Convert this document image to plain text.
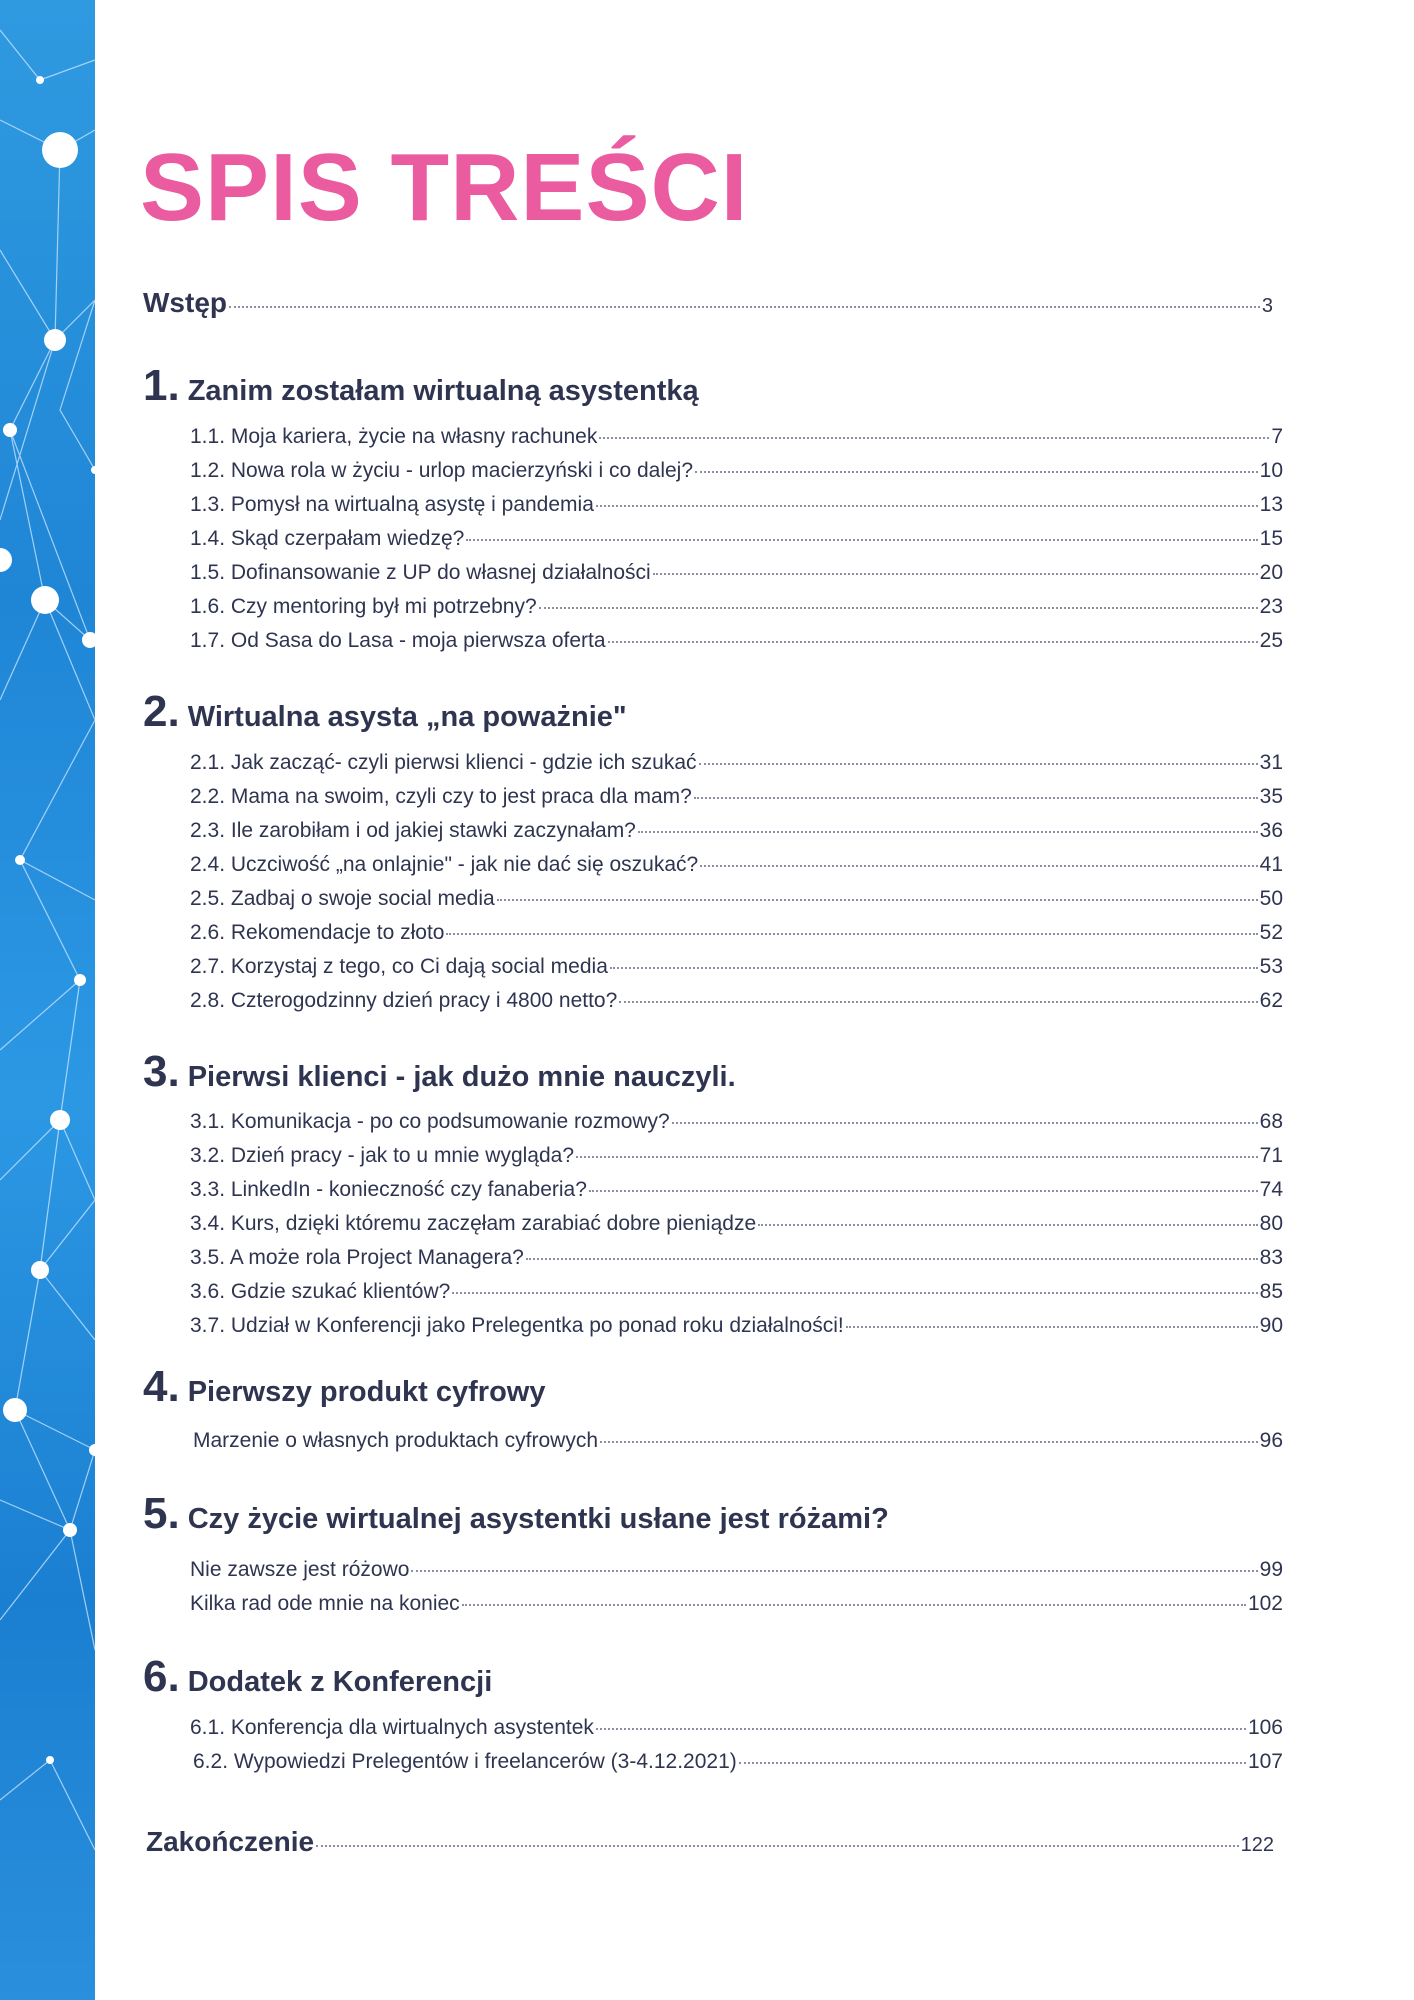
SPIS TREŚCI
Wstęp	3
1. Zanim zostałam wirtualną asystentką
1.1. Moja kariera, życie na własny rachunek	7
1.2. Nowa rola w życiu - urlop macierzyński i co dalej?	10
1.3. Pomysł na wirtualną asystę i pandemia	13
1.4. Skąd czerpałam wiedzę?	15
1.5. Dofinansowanie z UP do własnej działalności	20
1.6. Czy mentoring był mi potrzebny?	23
1.7. Od Sasa do Lasa - moja pierwsza oferta	25
2. Wirtualna asysta „na poważnie"
2.1. Jak zacząć- czyli pierwsi klienci - gdzie ich szukać	31
2.2. Mama na swoim, czyli czy to jest praca dla mam?	35
2.3. Ile zarobiłam i od jakiej stawki zaczynałam?	36
2.4. Uczciwość „na onlajnie" - jak nie dać się oszukać?	41
2.5. Zadbaj o swoje social media	50
2.6. Rekomendacje to złoto	52
2.7. Korzystaj z tego, co Ci dają social media	53
2.8. Czterogodzinny dzień pracy i 4800 netto?	62
3. Pierwsi klienci - jak dużo mnie nauczyli.
3.1. Komunikacja - po co podsumowanie rozmowy?	68
3.2. Dzień pracy - jak to u mnie wygląda?	71
3.3. LinkedIn - konieczność czy fanaberia?	74
3.4. Kurs, dzięki któremu zaczęłam zarabiać dobre pieniądze	80
3.5. A może rola Project Managera?	83
3.6. Gdzie szukać klientów?	85
3.7. Udział w Konferencji jako Prelegentka po ponad roku działalności!	90
4. Pierwszy produkt cyfrowy
Marzenie o własnych produktach cyfrowych	96
5. Czy życie wirtualnej asystentki usłane jest różami?
Nie zawsze jest różowo	99
Kilka rad ode mnie na koniec	102
6. Dodatek z Konferencji
6.1. Konferencja dla wirtualnych asystentek	106
6.2. Wypowiedzi Prelegentów i freelancerów (3-4.12.2021)	107
Zakończenie	122
